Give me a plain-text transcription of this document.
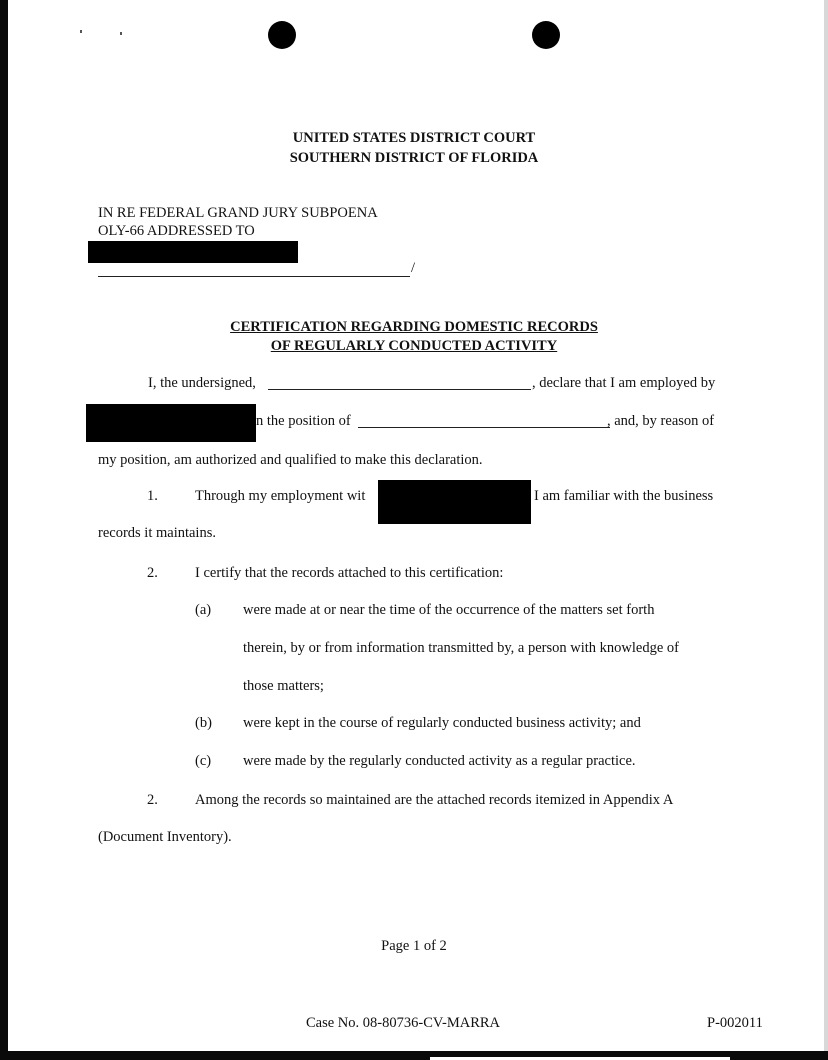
UNITED STATES DISTRICT COURT
SOUTHERN DISTRICT OF FLORIDA
IN RE FEDERAL GRAND JURY SUBPOENA
OLY-66 ADDRESSED TO
/
CERTIFICATION REGARDING DOMESTIC RECORDS
OF REGULARLY CONDUCTED ACTIVITY
I, the undersigned,	, declare that I am employed by
n the position of	, and, by reason of
my position, am authorized and qualified to make this declaration.
1.	Through my employment wit	I am familiar with the business
records it maintains.
2.	I certify that the records attached to this certification:
(a) were made at or near the time of the occurrence of the matters set forth
therein, by or from information transmitted by, a person with knowledge of
those matters;
(b) were kept in the course of regularly conducted business activity; and
(c) were made by the regularly conducted activity as a regular practice.
2.	Among the records so maintained are the attached records itemized in Appendix A
(Document Inventory).
Page 1 of 2
Case No. 08-80736-CV-MARRA	P-002011
